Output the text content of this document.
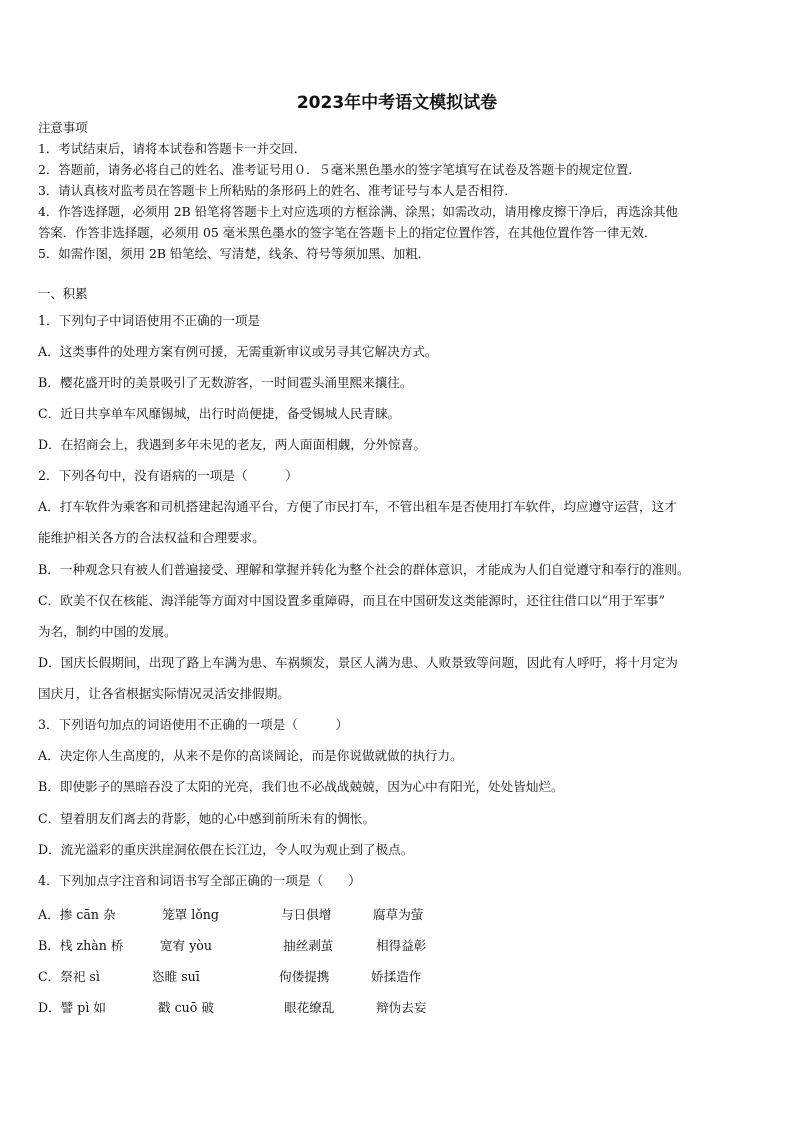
2023年中考语文模拟试卷
注意事项
1．考试结束后，请将本试卷和答题卡一并交回．
2．答题前，请务必将自己的姓名、准考证号用０．５毫米黑色墨水的签字笔填写在试卷及答题卡的规定位置．
3．请认真核对监考员在答题卡上所粘贴的条形码上的姓名、准考证号与本人是否相符．
4．作答选择题，必须用 2B 铅笔将答题卡上对应选项的方框涂满、涂黑；如需改动，请用橡皮擦干净后，再选涂其他
答案．作答非选择题，必须用 05 毫米黑色墨水的签字笔在答题卡上的指定位置作答，在其他位置作答一律无效．
5．如需作图，须用 2B 铅笔绘、写清楚，线条、符号等须加黑、加粗．
一、积累
1．下列句子中词语使用不正确的一项是
A．这类事件的处理方案有例可援，无需重新审议或另寻其它解决方式。
B．樱花盛开时的美景吸引了无数游客，一时间雹头涌里熙来攘往。
C．近日共享单车风靡锡城，出行时尚便捷，备受锡城人民青睐。
D．在招商会上，我遇到多年未见的老友，两人面面相觑，分外惊喜。
2．下列各句中，没有语病的一项是（　　　）
A．打车软件为乘客和司机搭建起沟通平台，方便了市民打车，不管出租车是否使用打车软件，均应遵守运营，这才
能维护相关各方的合法权益和合理要求。
B．一种观念只有被人们普遍接受、理解和掌握并转化为整个社会的群体意识，才能成为人们自觉遵守和奉行的准则。
C．欧美不仅在核能、海洋能等方面对中国设置多重障碍，而且在中国研发这类能源时，还往往借口以“用于军事”
为名，制约中国的发展。
D．国庆长假期间，出现了路上车满为患、车祸频发，景区人满为患、人败景致等问题，因此有人呼吁，将十月定为
国庆月，让各省根据实际情况灵活安排假期。
3．下列语句加点的词语使用不正确的一项是（　　　）
A．决定你人生高度的，从来不是你的高谈阔论，而是你说做就做的执行力。
B．即使影子的黑暗吞没了太阳的光亮，我们也不必战战兢兢，因为心中有阳光，处处皆灿烂。
C．望着朋友们离去的背影，她的心中感到前所未有的惆怅。
D．流光溢彩的重庆洪崖洞依偎在长江边，令人叹为观止到了极点。
4．下列加点字注音和词语书写全部正确的一项是（　　）
A．掺 cān 杂	笼罩 lǒng	与日俱增	腐草为萤
B．栈 zhàn 桥	宽宥 yòu	抽丝剥茧	相得益彰
C．祭祀 sì	恣睢 suī	佝偻提携	娇揉造作
D．譬 pì 如	戳 cuō 破	眼花缭乱	辩伪去妄
